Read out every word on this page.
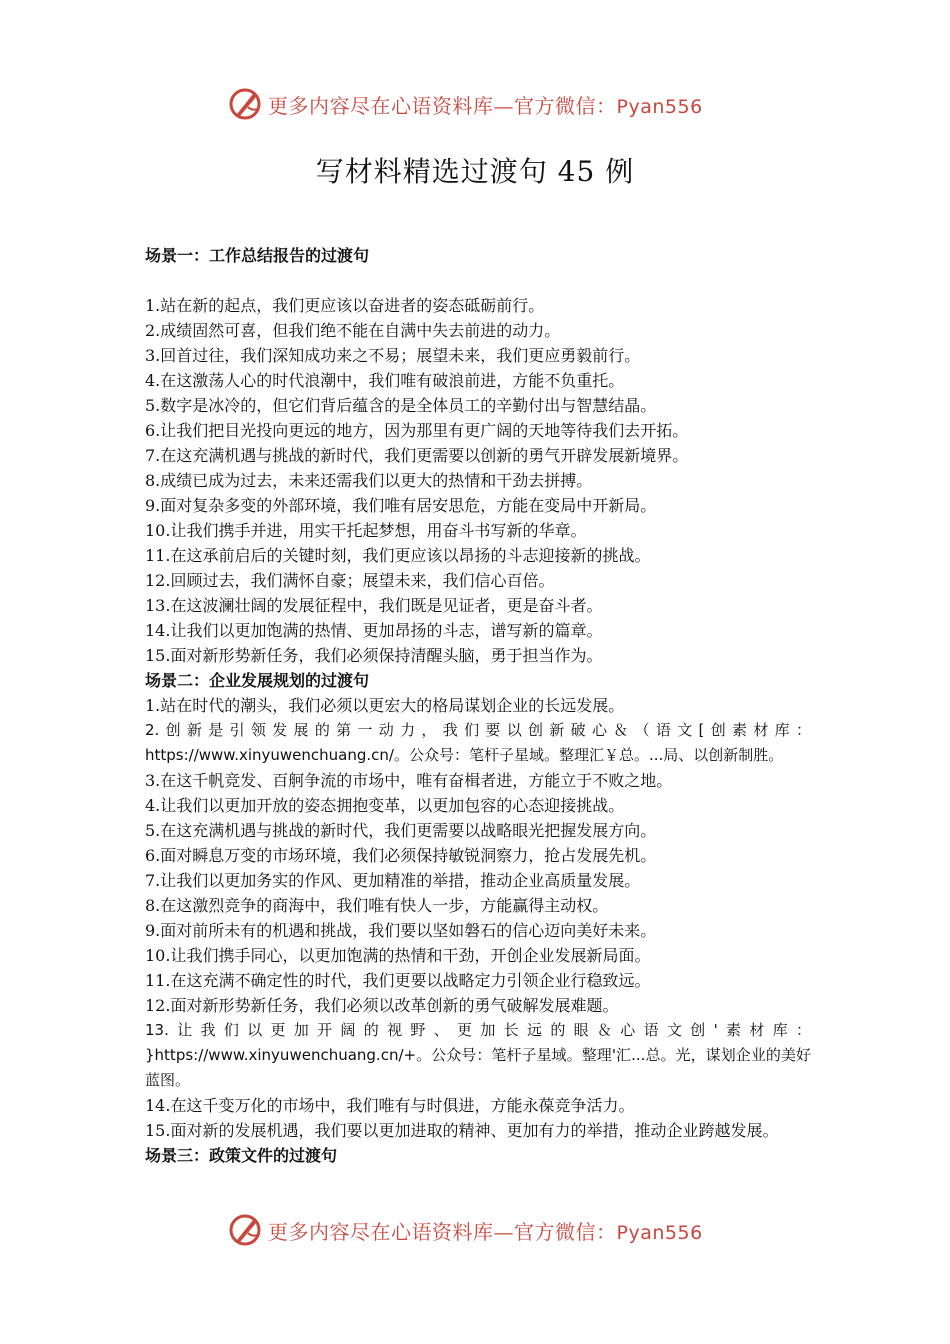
更多内容尽在心语资料库—官方微信：Pyan556
写材料精选过渡句 45 例
场景一：工作总结报告的过渡句
1.站在新的起点，我们更应该以奋进者的姿态砥砺前行。
2.成绩固然可喜，但我们绝不能在自满中失去前进的动力。
3.回首过往，我们深知成功来之不易；展望未来，我们更应勇毅前行。
4.在这激荡人心的时代浪潮中，我们唯有破浪前进，方能不负重托。
5.数字是冰冷的，但它们背后蕴含的是全体员工的辛勤付出与智慧结晶。
6.让我们把目光投向更远的地方，因为那里有更广阔的天地等待我们去开拓。
7.在这充满机遇与挑战的新时代，我们更需要以创新的勇气开辟发展新境界。
8.成绩已成为过去，未来还需我们以更大的热情和干劲去拼搏。
9.面对复杂多变的外部环境，我们唯有居安思危，方能在变局中开新局。
10.让我们携手并进，用实干托起梦想，用奋斗书写新的华章。
11.在这承前启后的关键时刻，我们更应该以昂扬的斗志迎接新的挑战。
12.回顾过去，我们满怀自豪；展望未来，我们信心百倍。
13.在这波澜壮阔的发展征程中，我们既是见证者，更是奋斗者。
14.让我们以更加饱满的热情、更加昂扬的斗志，谱写新的篇章。
15.面对新形势新任务，我们必须保持清醒头脑，勇于担当作为。
场景二：企业发展规划的过渡句
1.站在时代的潮头，我们必须以更宏大的格局谋划企业的长远发展。
2.创新是引领发展的第一动力，我们要以创新破心＆（语文[创素材库： https://www.xinyuwenchuang.cn/。公众号：笔杆子星域。整理汇￥总。...局、以创新制胜。
3.在这千帆竞发、百舸争流的市场中，唯有奋楫者进，方能立于不败之地。
4.让我们以更加开放的姿态拥抱变革，以更加包容的心态迎接挑战。
5.在这充满机遇与挑战的新时代，我们更需要以战略眼光把握发展方向。
6.面对瞬息万变的市场环境，我们必须保持敏锐洞察力，抢占发展先机。
7.让我们以更加务实的作风、更加精准的举措，推动企业高质量发展。
8.在这激烈竞争的商海中，我们唯有快人一步，方能赢得主动权。
9.面对前所未有的机遇和挑战，我们要以坚如磐石的信心迈向美好未来。
10.让我们携手同心，以更加饱满的热情和干劲，开创企业发展新局面。
11.在这充满不确定性的时代，我们更要以战略定力引领企业行稳致远。
12.面对新形势新任务，我们必须以改革创新的勇气破解发展难题。
13.让我们以更加开阔的视野、更加长远的眼＆心语文创'素材库： }https://www.xinyuwenchuang.cn/+。公众号：笔杆子星域。整理'汇...总。光，谋划企业的美好蓝图。
14.在这千变万化的市场中，我们唯有与时俱进，方能永葆竞争活力。
15.面对新的发展机遇，我们要以更加进取的精神、更加有力的举措，推动企业跨越发展。
场景三：政策文件的过渡句
更多内容尽在心语资料库—官方微信：Pyan556
